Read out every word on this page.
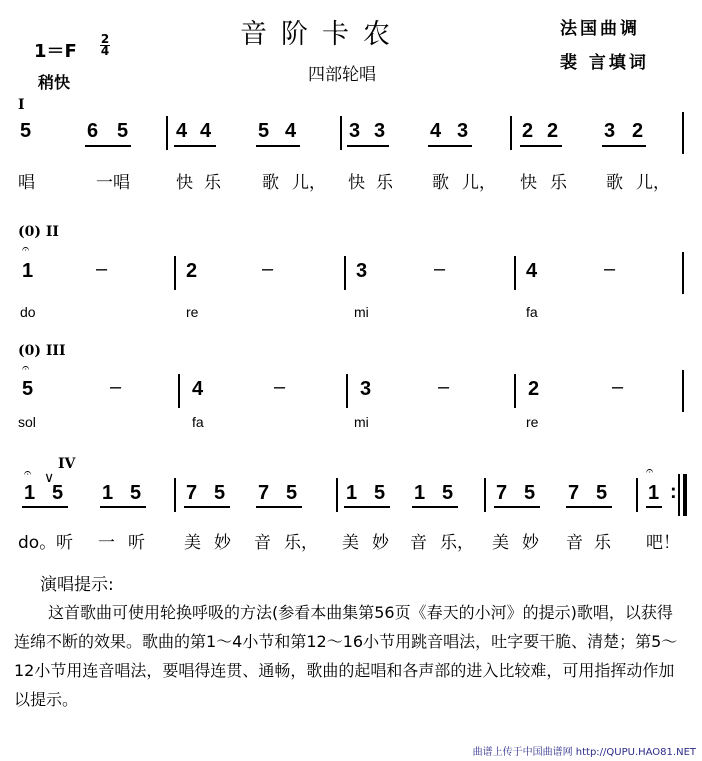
音阶卡农
四部轮唱
法国曲调
裴 言填词
1＝F
2
4
稍快
I
5	6 5 4 4 5 4	3 3 4 3	2 2 3 2
唱	一唱	快 乐 歌 儿， 快 乐 歌 儿， 快 乐 歌 儿，
(0) II
𝄐
1	–	2	–	3	–	4	–
do	re	mi	fa
(0) III
𝄐
5	–	4	–	3	–	2	–
sol	fa	mi	re
IV
𝄐 ∨	𝄐
1 5 1 5 7 5 7 5 1 5 1 5 7 5 7 5 1 :
do。 听 一 听 美 妙 音 乐， 美 妙 音 乐， 美 妙 音 乐 吧！
演唱提示:
这首歌曲可使用轮换呼吸的方法(参看本曲集第56页《春天的小河》的提示)歌唱，以获得连绵不断的效果。歌曲的第1～4小节和第12～16小节用跳音唱法，吐字要干脆、清楚；第5～12小节用连音唱法，要唱得连贯、通畅，歌曲的起唱和各声部的进入比较难，可用指挥动作加以提示。
曲谱上传于中国曲谱网 http://QUPU.HAO81.NET
